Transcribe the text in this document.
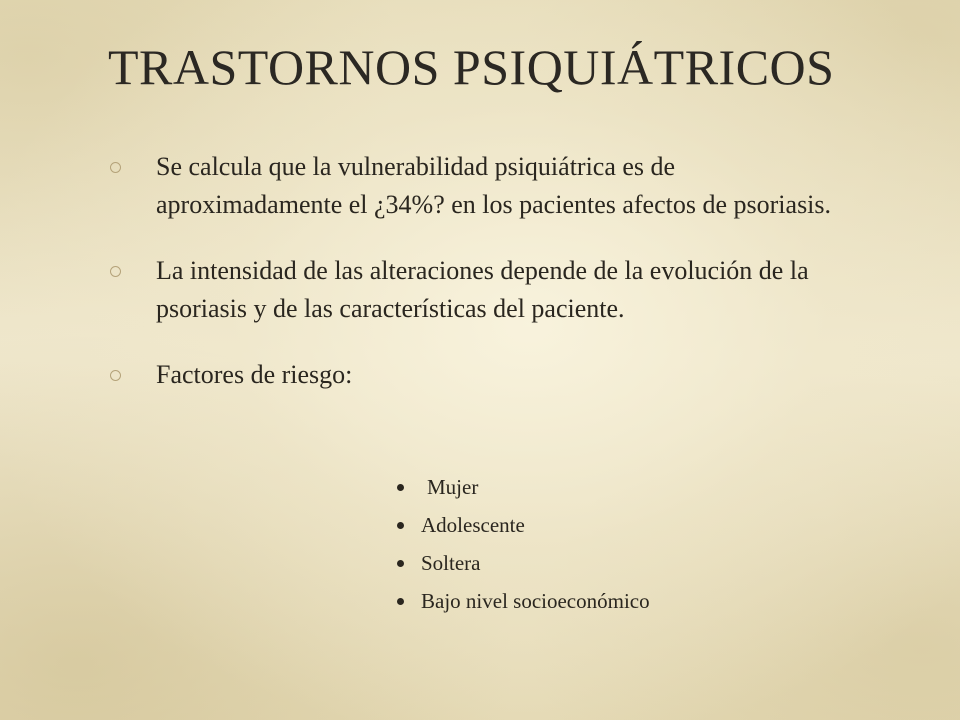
TRASTORNOS PSIQUIÁTRICOS
Se calcula que la vulnerabilidad psiquiátrica es de aproximadamente el ¿34%? en los pacientes afectos de psoriasis.
La intensidad de las alteraciones depende de la evolución de la psoriasis y de las características del paciente.
Factores de riesgo:
Mujer
Adolescente
Soltera
Bajo nivel socioeconómico
